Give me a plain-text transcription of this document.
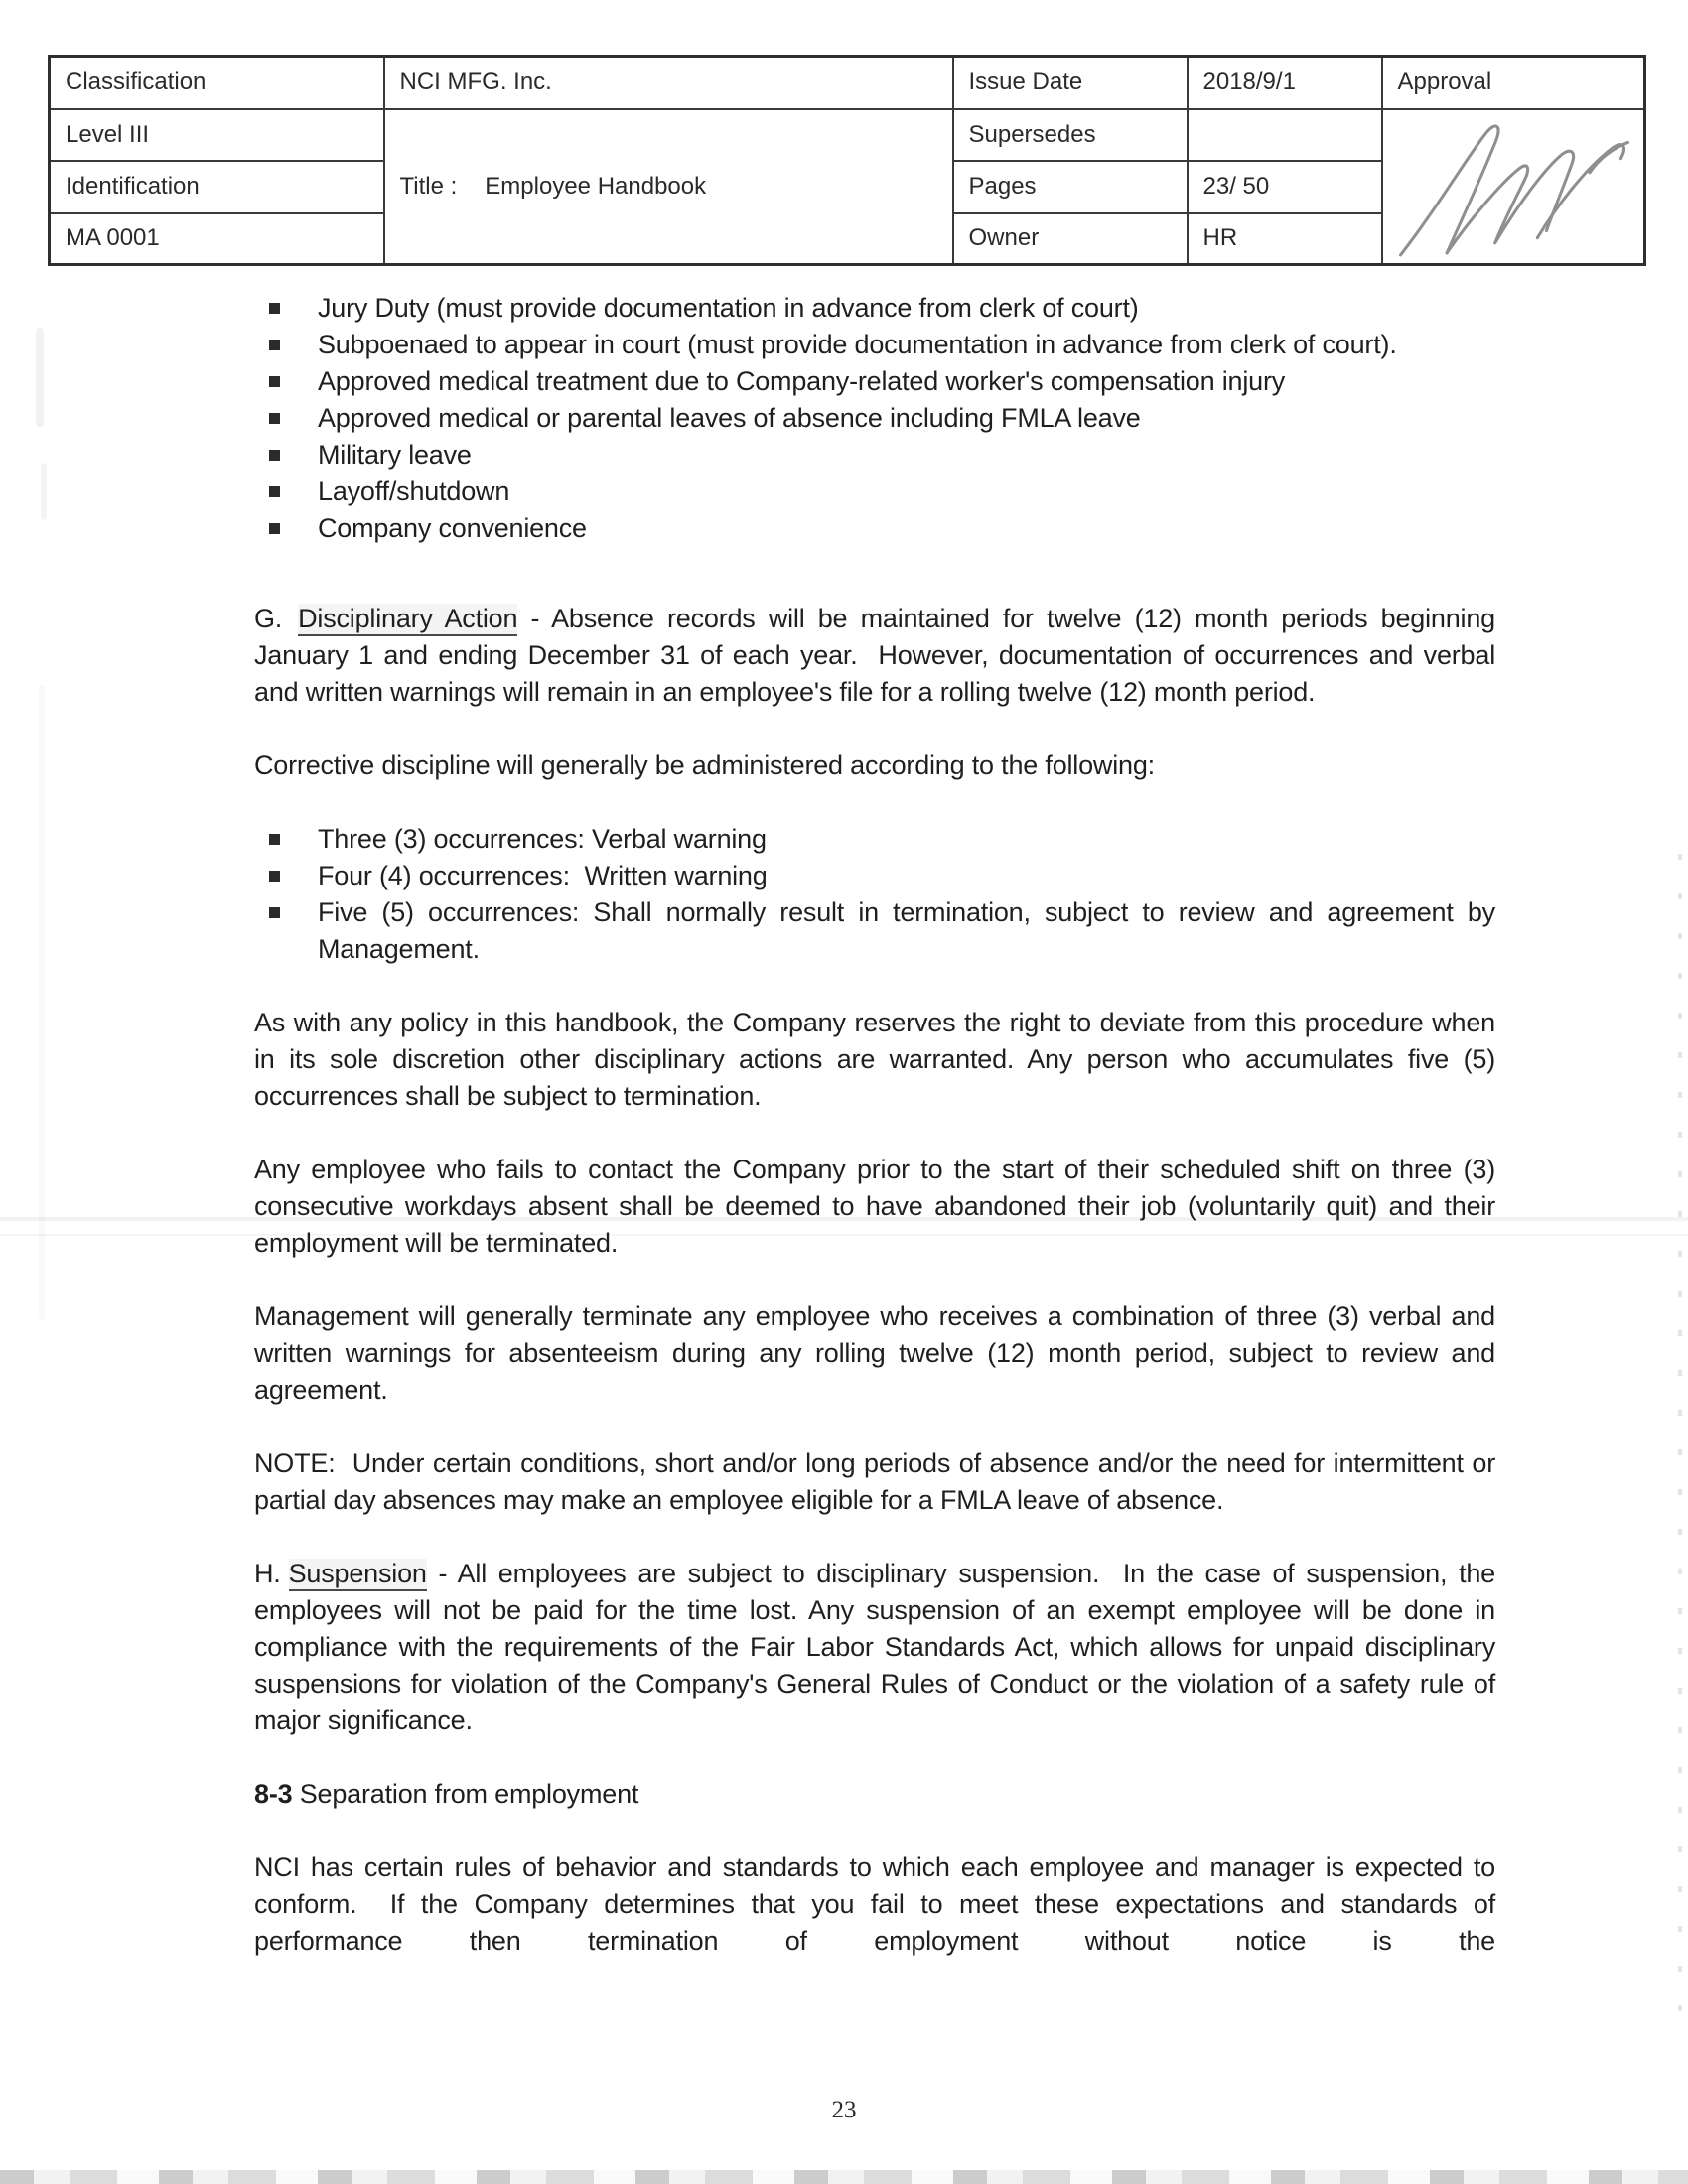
Classification	NCI MFG. Inc.	Issue Date	2018/9/1	Approval
Level III	Title : Employee Handbook	Supersedes		

Identification		Pages	23/ 50	
MA 0001		Owner	HR	
Jury Duty (must provide documentation in advance from clerk of court)
Subpoenaed to appear in court (must provide documentation in advance from clerk of court).
Approved medical treatment due to Company-related worker's compensation injury
Approved medical or parental leaves of absence including FMLA leave
Military leave
Layoff/shutdown
Company convenience
G. Disciplinary Action - Absence records will be maintained for twelve (12) month periods beginning January 1 and ending December 31 of each year.  However, documentation of occurrences and verbal and written warnings will remain in an employee's file for a rolling twelve (12) month period.
Corrective discipline will generally be administered according to the following:
Three (3) occurrences: Verbal warning
Four (4) occurrences:  Written warning
Five (5) occurrences: Shall normally result in termination, subject to review and agreement by Management.
As with any policy in this handbook, the Company reserves the right to deviate from this procedure when in its sole discretion other disciplinary actions are warranted. Any person who accumulates five (5) occurrences shall be subject to termination.
Any employee who fails to contact the Company prior to the start of their scheduled shift on three (3) consecutive workdays absent shall be deemed to have abandoned their job (voluntarily quit) and their employment will be terminated.
Management will generally terminate any employee who receives a combination of three (3) verbal and written warnings for absenteeism during any rolling twelve (12) month period, subject to review and agreement.
NOTE:  Under certain conditions, short and/or long periods of absence and/or the need for intermittent or partial day absences may make an employee eligible for a FMLA leave of absence.
H. Suspension - All employees are subject to disciplinary suspension.  In the case of suspension, the employees will not be paid for the time lost. Any suspension of an exempt employee will be done in compliance with the requirements of the Fair Labor Standards Act, which allows for unpaid disciplinary suspensions for violation of the Company's General Rules of Conduct or the violation of a safety rule of major significance.
8-3 Separation from employment
NCI has certain rules of behavior and standards to which each employee and manager is expected to conform.  If the Company determines that you fail to meet these expectations and standards of performance then termination of employment without notice is the
23
